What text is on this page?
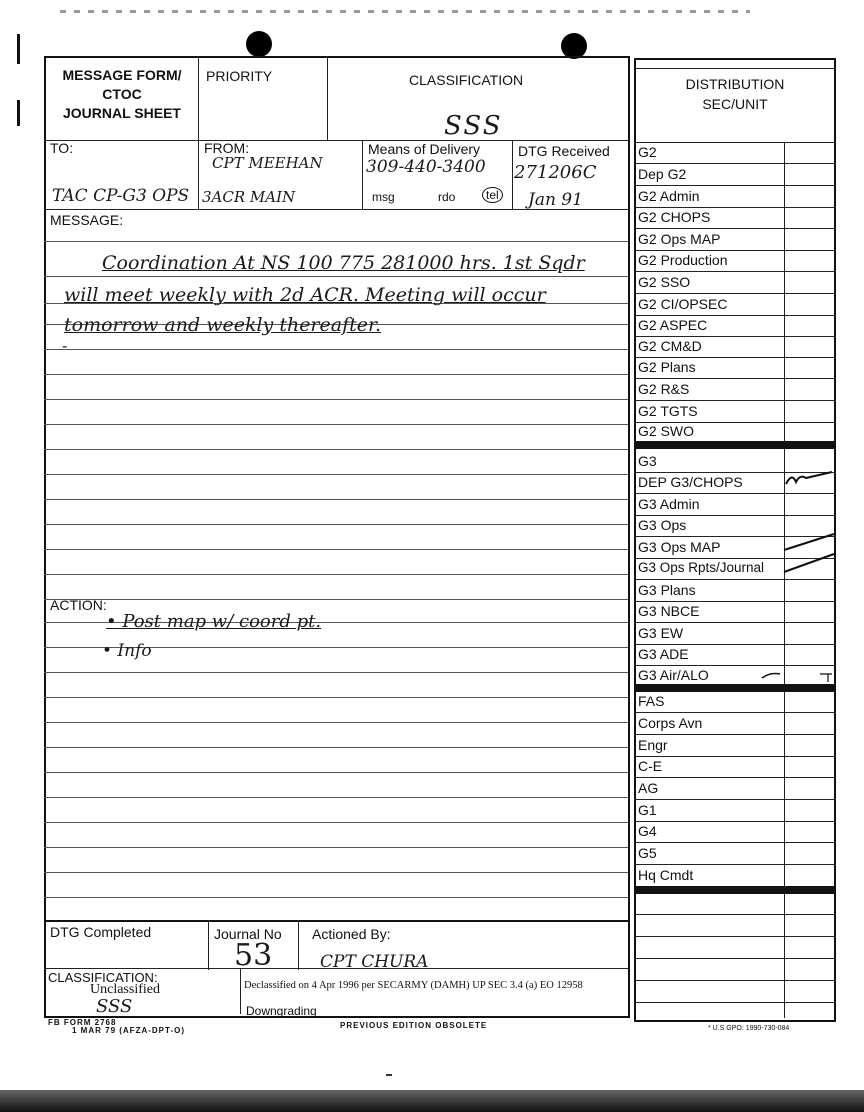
MESSAGE FORM/
CTOC
JOURNAL SHEET
PRIORITY	CLASSIFICATION
SSS
TO:
TAC CP-G3 OPS
FROM:
CPT MEEHAN
3ACR MAIN
Means of Delivery
309-440-3400
msg	rdo	tel
DTG Received
271206C
Jan 91
MESSAGE:
Coordination At NS 100 775 281000 hrs. 1st Sqdr
will meet weekly with 2d ACR. Meeting will occur
tomorrow and weekly thereafter.
-
ACTION:
• Post map w/ coord pt.
• Info
DTG Completed	Journal No
53
Actioned By:
CPT CHURA
CLASSIFICATION:
Unclassified
SSS
Declassified on 4 Apr 1996 per SECARMY (DAMH) UP SEC 3.4 (a) EO 12958
Downgrading
FB FORM 2768
1 MAR 79 (AFZA-DPT-O)
PREVIOUS EDITION OBSOLETE	* U.S GPO: 1990-730-084
DISTRIBUTION
SEC/UNIT
G2
Dep G2
G2 Admin
G2 CHOPS
G2 Ops MAP
G2 Production
G2 SSO
G2 CI/OPSEC
G2 ASPEC
G2 CM&D
G2 Plans
G2 R&S
G2 TGTS
G2 SWO
G3
DEP G3/CHOPS
G3 Admin
G3 Ops
G3 Ops MAP
G3 Ops Rpts/Journal
G3 Plans
G3 NBCE
G3 EW
G3 ADE
G3 Air/ALO
FAS
Corps Avn
Engr
C-E
AG
G1
G4
G5
Hq Cmdt
